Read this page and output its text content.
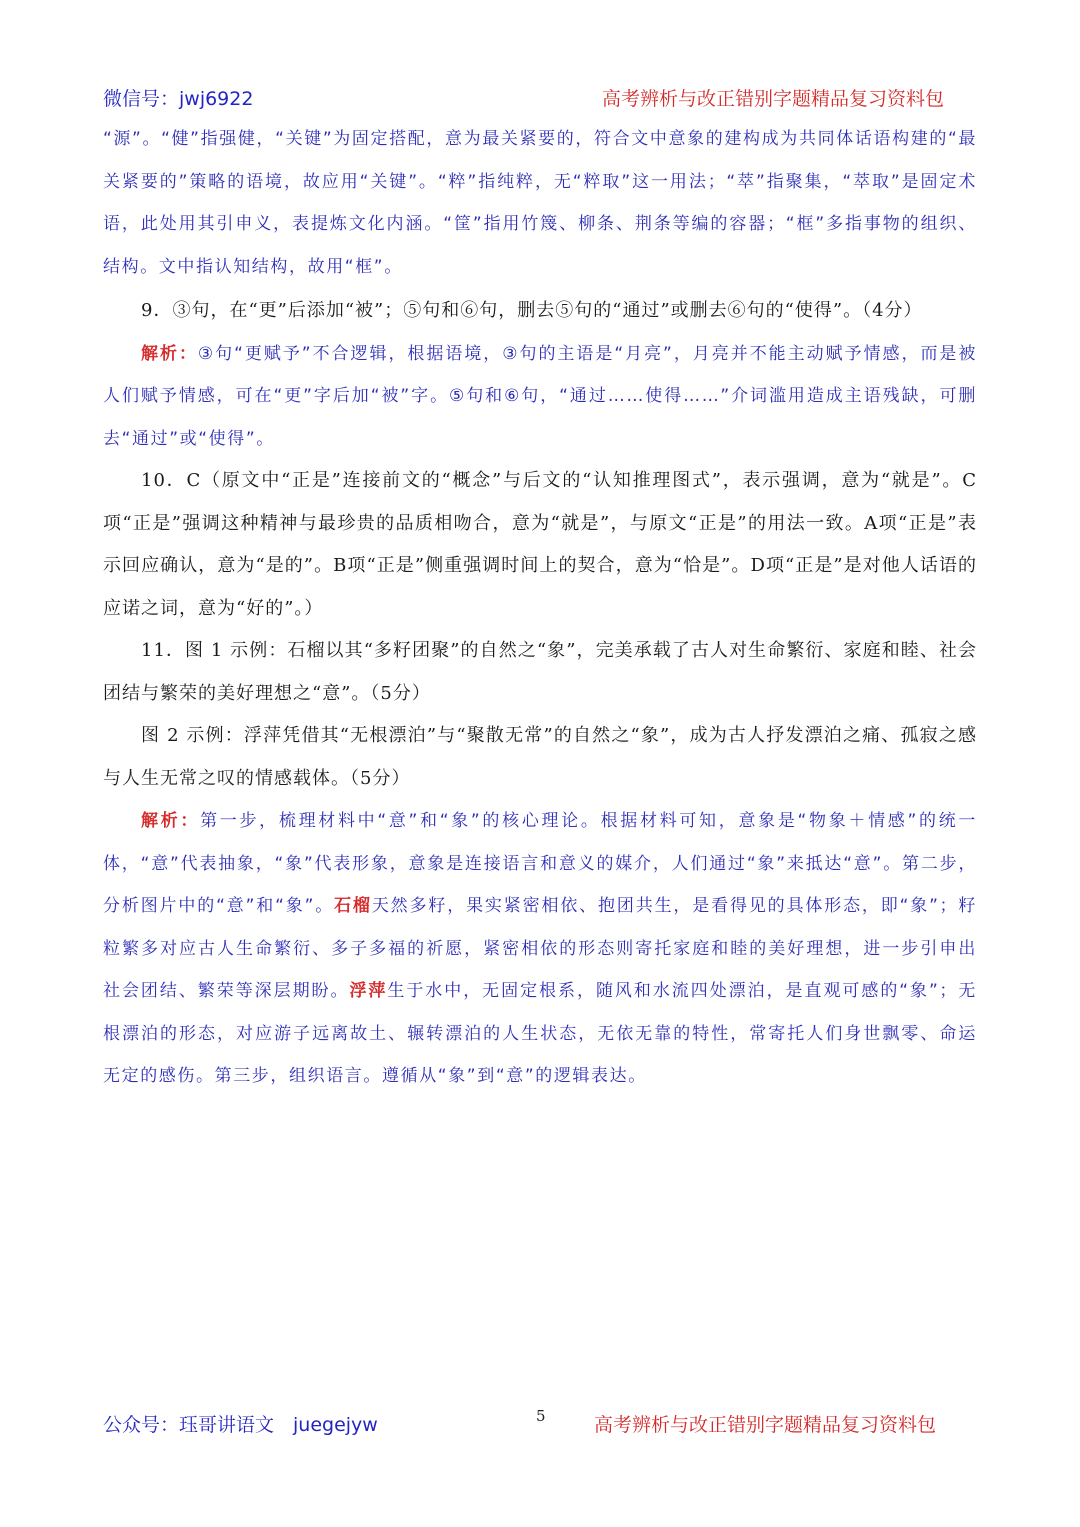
微信号：jwj6922	高考辨析与改正错别字题精品复习资料包

“源”。“健”指强健，“关键”为固定搭配，意为最关紧要的，符合文中意象的建构成为共同体话语构建的“最关紧要的”策略的语境，故应用“关键”。“粹”指纯粹，无“粹取”这一用法；“萃”指聚集，“萃取”是固定术语，此处用其引申义，表提炼文化内涵。“筐”指用竹篾、柳条、荆条等编的容器；“框”多指事物的组织、结构。文中指认知结构，故用“框”。

9．③句，在“更”后添加“被”；⑤句和⑥句，删去⑤句的“通过”或删去⑥句的“使得”。（4分）

解析：③句“更赋予”不合逻辑，根据语境，③句的主语是“月亮”，月亮并不能主动赋予情感，而是被人们赋予情感，可在“更”字后加“被”字。⑤句和⑥句，“通过……使得……”介词滥用造成主语残缺，可删去“通过”或“使得”。

10．C（原文中“正是”连接前文的“概念”与后文的“认知推理图式”，表示强调，意为“就是”。C项“正是”强调这种精神与最珍贵的品质相吻合，意为“就是”，与原文“正是”的用法一致。A项“正是”表示回应确认，意为“是的”。B项“正是”侧重强调时间上的契合，意为“恰是”。D项“正是”是对他人话语的应诺之词，意为“好的”。）

11．图 1 示例：石榴以其“多籽团聚”的自然之“象”，完美承载了古人对生命繁衍、家庭和睦、社会团结与繁荣的美好理想之“意”。（5分）

图 2 示例：浮萍凭借其“无根漂泊”与“聚散无常”的自然之“象”，成为古人抒发漂泊之痛、孤寂之感与人生无常之叹的情感载体。（5分）

解析：第一步，梳理材料中“意”和“象”的核心理论。根据材料可知，意象是“物象＋情感”的统一体，“意”代表抽象，“象”代表形象，意象是连接语言和意义的媒介，人们通过“象”来抵达“意”。第二步，分析图片中的“意”和“象”。石榴天然多籽，果实紧密相依、抱团共生，是看得见的具体形态，即“象”；籽粒繁多对应古人生命繁衍、多子多福的祈愿，紧密相依的形态则寄托家庭和睦的美好理想，进一步引申出社会团结、繁荣等深层期盼。浮萍生于水中，无固定根系，随风和水流四处漂泊，是直观可感的“象”；无根漂泊的形态，对应游子远离故土、辗转漂泊的人生状态，无依无靠的特性，常寄托人们身世飘零、命运无定的感伤。第三步，组织语言。遵循从“象”到“意”的逻辑表达。

公众号：珏哥讲语文　juegejyw	5	高考辨析与改正错别字题精品复习资料包
